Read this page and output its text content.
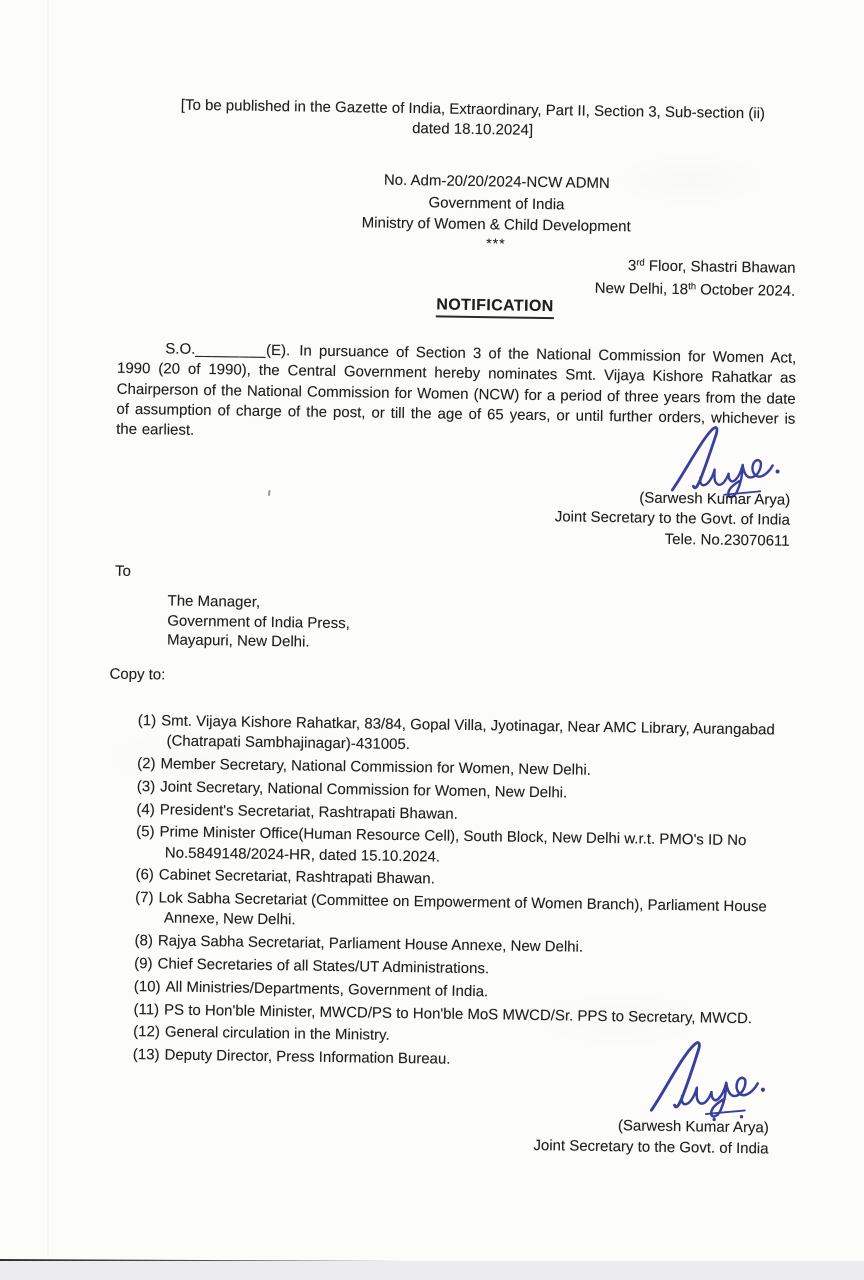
[To be published in the Gazette of India, Extraordinary, Part II, Section 3, Sub-section (ii)
dated 18.10.2024]
No. Adm-20/20/2024-NCW ADMN
Government of India
Ministry of Women & Child Development
***
3rd Floor, Shastri Bhawan
New Delhi, 18th October 2024.
NOTIFICATION

S.O.________(E). In pursuance of Section 3 of the National Commission for Women Act, 1990 (20 of 1990), the Central Government hereby nominates Smt. Vijaya Kishore Rahatkar as Chairperson of the National Commission for Women (NCW) for a period of three years from the date of assumption of charge of the post, or till the age of 65 years, or until further orders, whichever is the earliest.

(Sarwesh Kumar Arya)
Joint Secretary to the Govt. of India
Tele. No.23070611
To
The Manager,
Government of India Press,
Mayapuri, New Delhi.
Copy to:
(1) Smt. Vijaya Kishore Rahatkar, 83/84, Gopal Villa, Jyotinagar, Near AMC Library, Aurangabad (Chatrapati Sambhajinagar)-431005.
(2) Member Secretary, National Commission for Women, New Delhi.
(3) Joint Secretary, National Commission for Women, New Delhi.
(4) President's Secretariat, Rashtrapati Bhawan.
(5) Prime Minister Office(Human Resource Cell), South Block, New Delhi w.r.t. PMO's ID No No.5849148/2024-HR, dated 15.10.2024.
(6) Cabinet Secretariat, Rashtrapati Bhawan.
(7) Lok Sabha Secretariat (Committee on Empowerment of Women Branch), Parliament House Annexe, New Delhi.
(8) Rajya Sabha Secretariat, Parliament House Annexe, New Delhi.
(9) Chief Secretaries of all States/UT Administrations.
(10) All Ministries/Departments, Government of India.
(11) PS to Hon'ble Minister, MWCD/PS to Hon'ble MoS MWCD/Sr. PPS to Secretary, MWCD.
(12) General circulation in the Ministry.
(13) Deputy Director, Press Information Bureau.
(Sarwesh Kumar Arya)
Joint Secretary to the Govt. of India
